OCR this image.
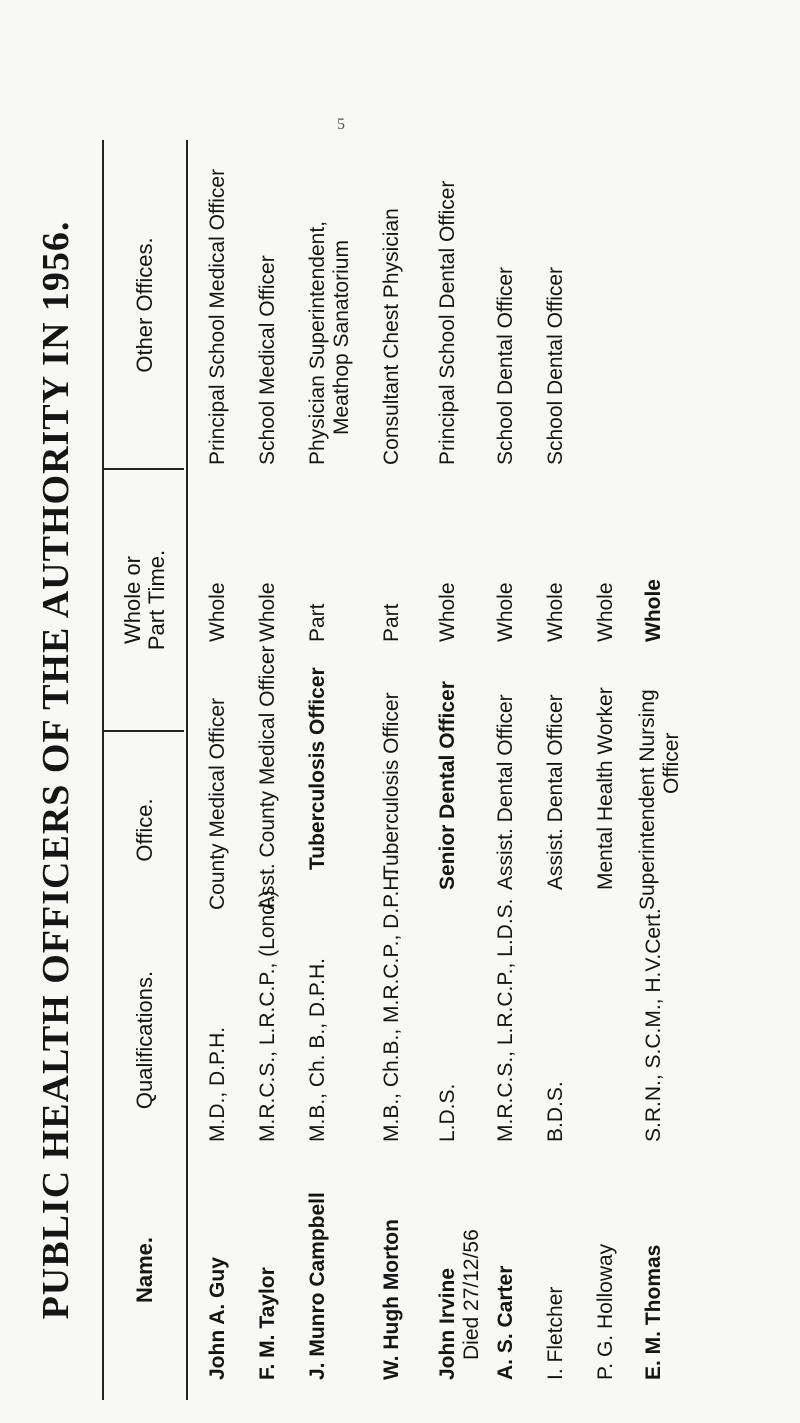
5
PUBLIC HEALTH OFFICERS OF THE AUTHORITY IN 1956. Name.
Qualifications.
Office.
Whole or Part Time.
Other Offices.
John A. Guy
M.D., D.P.H.
County Medical Officer
Whole
Principal School Medical Officer
F. M. Taylor
M.R.C.S., L.R.C.P., (Lond.)
Asst. County Medical Officer
Whole
School Medical Officer
J. Munro Campbell
M.B., Ch. B., D.P.H.
Tuberculosis Officer
Part
Physician Superintendent, Meathop Sanatorium
W. Hugh Morton
M.B., Ch.B., M.R.C.P., D.P.H.
Tuberculosis Officer
Part
Consultant Chest Physician
John Irvine Died 27/12/56
L.D.S.
Senior Dental Officer
Whole
Principal School Dental Officer
A. S. Carter
M.R.C.S., L.R.C.P., L.D.S.
Assist. Dental Officer
Whole
School Dental Officer
I. Fletcher
B.D.S.
Assist. Dental Officer
Whole
School Dental Officer
P. G. Holloway
Mental Health Worker
Whole
E. M. Thomas
S.R.N., S.C.M., H.V.Cert.
Superintendent Nursing Officer
Whole
